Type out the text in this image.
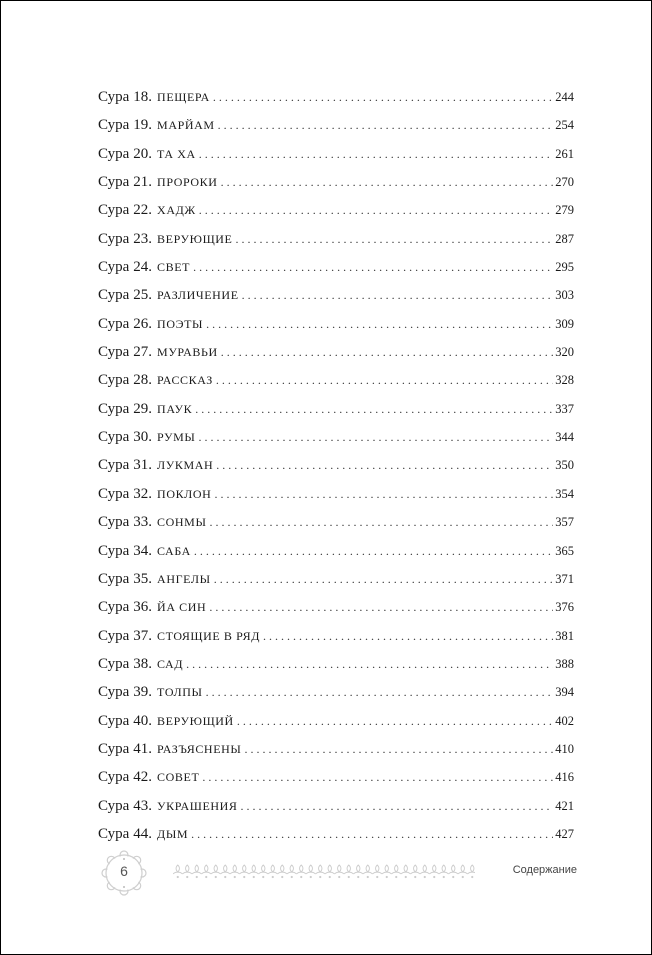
Сура 18. ПЕЩЕРА . . .	244
Сура 19. МАРЙАМ . . .	254
Сура 20. ТА ХА . . .	261
Сура 21. ПРОРОКИ . . .	270
Сура 22. ХАДЖ . . .	279
Сура 23. ВЕРУЮЩИЕ . . .	287
Сура 24. СВЕТ . . .	295
Сура 25. РАЗЛИЧЕНИЕ . . .	303
Сура 26. ПОЭТЫ . . .	309
Сура 27. МУРАВЬИ . . .	320
Сура 28. РАССКАЗ . . .	328
Сура 29. ПАУК . . .	337
Сура 30. РУМЫ . . .	344
Сура 31. ЛУКМАН . . .	350
Сура 32. ПОКЛОН . . .	354
Сура 33. СОНМЫ . . .	357
Сура 34. САБА . . .	365
Сура 35. АНГЕЛЫ . . .	371
Сура 36. ЙА СИН . . .	376
Сура 37. СТОЯЩИЕ В РЯД . . .	381
Сура 38. САД . . .	388
Сура 39. ТОЛПЫ . . .	394
Сура 40. ВЕРУЮЩИЙ . . .	402
Сура 41. РАЗЪЯСНЕНЫ . . .	410
Сура 42. СОВЕТ . . .	416
Сура 43. УКРАШЕНИЯ . . .	421
Сура 44. ДЫМ . . .	427
6	Содержание
